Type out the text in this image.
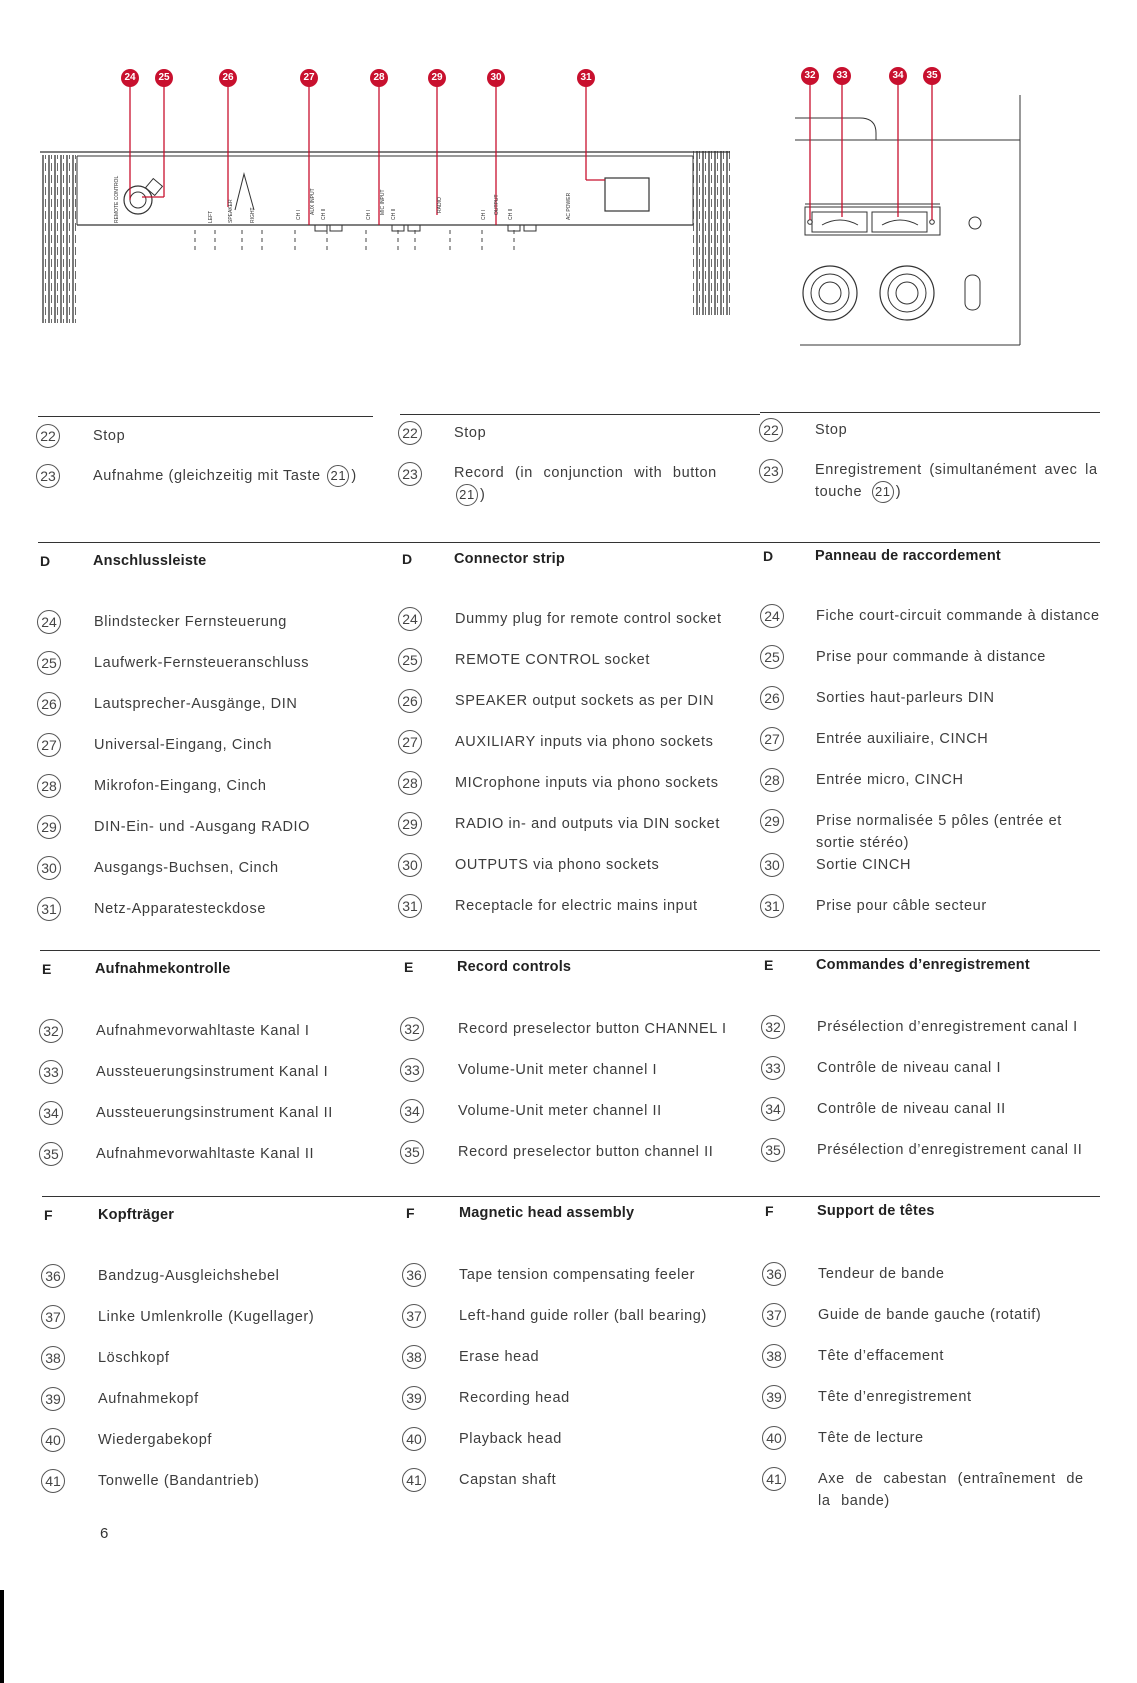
REMOTE CONTROL	LEFT	SPEAKER	RIGHT	CH I AUX INPUT CH II	CH I MIC INPUT CH II
RADIO
CH I OUTPUT CH II	AC POWER
24	25	26	27	28	29	30	31	32	33	34	35
22	Stop
23	Aufnahme (gleichzeitig mit Taste 21 )
22 Stop
23 Record (in conjunction with button 21 )
22 Stop
23 Enregistrement (simultanément avec la touche 21 )
D	Anschlussleiste	D	Connector strip	D	Panneau de raccordement
24	Blindstecker Fernsteuerung	24	Dummy plug for remote control socket	24 Fiche court-circuit commande à distance
25	Laufwerk-Fernsteueranschluss	25	REMOTE CONTROL socket	25 Prise pour commande à distance
26	Lautsprecher-Ausgänge, DIN	26	SPEAKER output sockets as per DIN	26 Sorties haut-parleurs DIN
27	Universal-Eingang, Cinch	27	AUXILIARY inputs via phono sockets	27 Entrée auxiliaire, CINCH
28	Mikrofon-Eingang, Cinch	28	MICrophone inputs via phono sockets	28 Entrée micro, CINCH
29	DIN-Ein- und -Ausgang RADIO	29	RADIO in- and outputs via DIN socket	29 Prise normalisée 5 pôles (entrée et sortie stéréo)
30	Ausgangs-Buchsen, Cinch	30	OUTPUTS via phono sockets	30 Sortie CINCH
31	Netz-Apparatesteckdose	31	Receptacle for electric mains input	31 Prise pour câble secteur
E	Aufnahmekontrolle	E	Record controls	E	Commandes d’enregistrement
32	Aufnahmevorwahltaste Kanal I	32	Record preselector button CHANNEL I	32 Présélection d’enregistrement canal I
33	Aussteuerungsinstrument Kanal I	33	Volume-Unit meter channel I	33 Contrôle de niveau canal I
34	Aussteuerungsinstrument Kanal II	34	Volume-Unit meter channel II	34 Contrôle de niveau canal II
35	Aufnahmevorwahltaste Kanal II	35	Record preselector button channel II	35 Présélection d’enregistrement canal II
F	Kopfträger	F	Magnetic head assembly	F	Support de têtes
36	Bandzug-Ausgleichshebel	36	Tape tension compensating feeler	36 Tendeur de bande
37	Linke Umlenkrolle (Kugellager)	37	Left-hand guide roller (ball bearing)	37 Guide de bande gauche (rotatif)
38	Löschkopf	38	Erase head	38 Tête d’effacement
39	Aufnahmekopf	39	Recording head	39 Tête d’enregistrement
40	Wiedergabekopf	40	Playback head	40 Tête de lecture
41	Tonwelle (Bandantrieb)	41	Capstan shaft	41 Axe de cabestan (entraînement de la bande)
6
